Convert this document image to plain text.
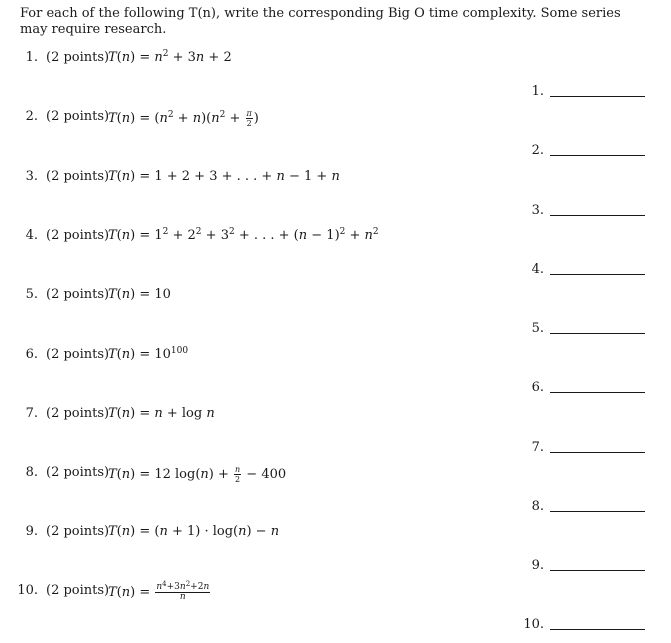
For each of the following T(n), write the corresponding Big O time complexity. Some series may require research.
1. (2 points)
$T(n) = n^2 + 3n + 2$
1.
2. (2 points)
$T(n) = (n^2 + n)(n^2 + \frac{\pi}{2}$ )
2.
3. (2 points)
T(n) = 1 + 2 + 3 + . . . + n − 1 + n
3.
4. (2 points)
$T(n) = 1^2 + 2^2 + 3^2$ + . . . + $(n - 1)^2 + n^2$
4.
5. (2 points)
T(n) = 10
5.
6. (2 points)
$T(n) = 10^{100}$
6.
7. (2 points)
T(n) = n + log n
7.
8. (2 points)
T(n) = 12 $\log(n) + \frac{n}{2} - 400$
8.
9. (2 points)
T(n) = (n + 1) · log(n) − n
9.
10. (2 points)
$T(n) = \frac{n^4+3n^2+2n}{n}$
10.
